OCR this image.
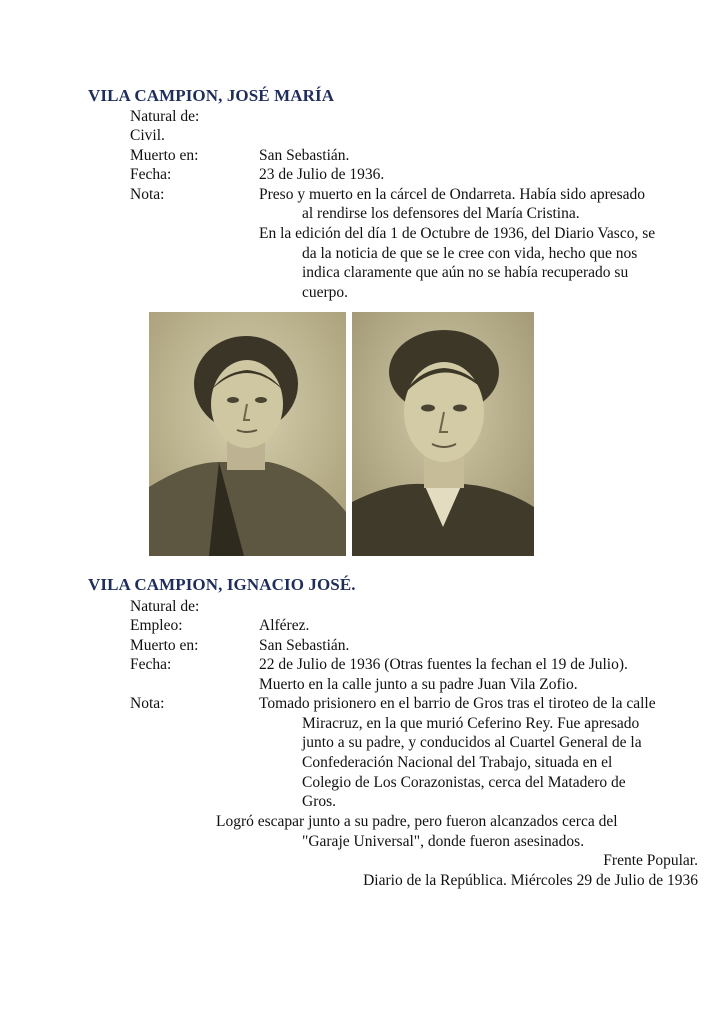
VILA CAMPION, JOSÉ MARÍA
Natural de:
Civil.
Muerto en:	San Sebastián.
Fecha:	23 de Julio de 1936.
Nota:	Preso y muerto en la cárcel de Ondarreta. Había sido apresado
al rendirse los defensores del María Cristina.
En la edición del día 1 de Octubre de 1936, del Diario Vasco, se
da la noticia de que se le cree con vida, hecho que nos
indica claramente que aún no se había recuperado su
cuerpo.
VILA CAMPION, IGNACIO JOSÉ.
Natural de:
Empleo:	Alférez.
Muerto en:	San Sebastián.
Fecha:	22 de Julio de 1936 (Otras fuentes la fechan el 19 de Julio).
Muerto en la calle junto a su padre Juan Vila Zofio.
Nota:	Tomado prisionero en el barrio de Gros tras el tiroteo de la calle
Miracruz, en la que murió Ceferino Rey. Fue apresado
junto a su padre, y conducidos al Cuartel General de la
Confederación Nacional del Trabajo, situada en el
Colegio de Los Corazonistas, cerca del Matadero de
Gros.
Logró escapar junto a su padre, pero fueron alcanzados cerca del
"Garaje Universal", donde fueron asesinados.
Frente Popular.
Diario de la República. Miércoles 29 de Julio de 1936
